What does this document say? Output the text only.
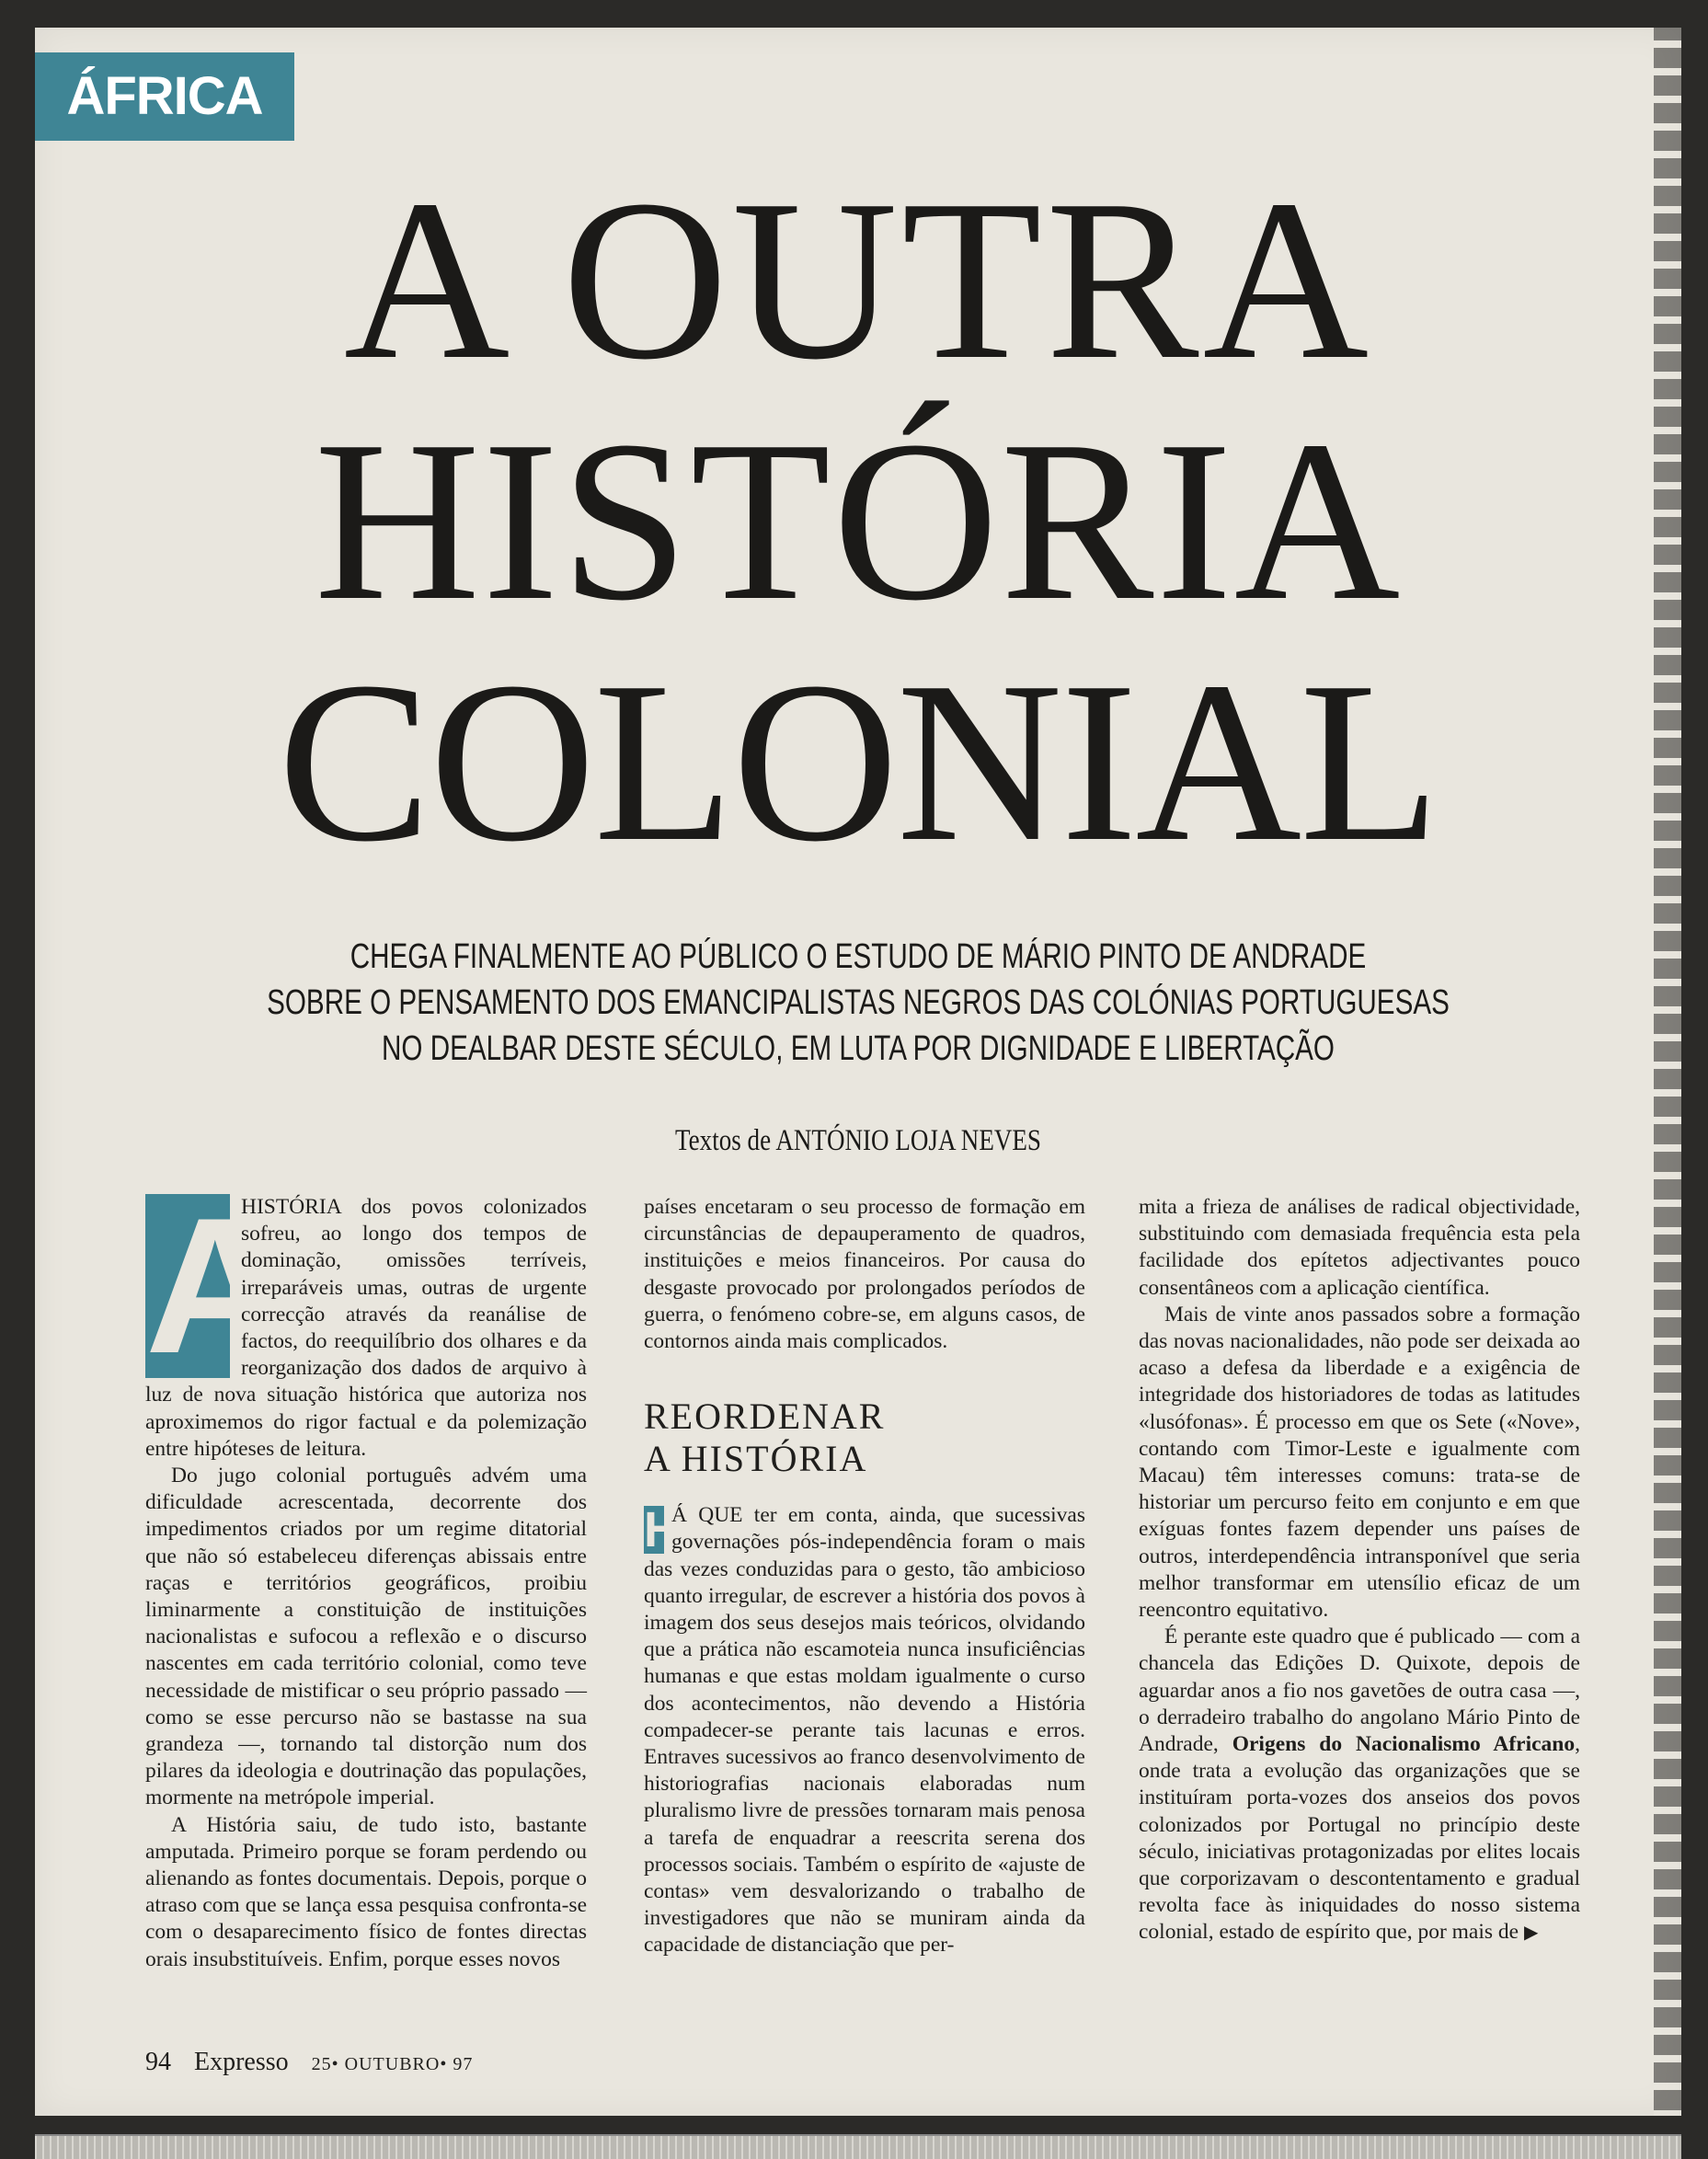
ÁFRICA
A OUTRA
HISTÓRIA
COLONIAL
CHEGA FINALMENTE AO PÚBLICO O ESTUDO DE MÁRIO PINTO DE ANDRADE
SOBRE O PENSAMENTO DOS EMANCIPALISTAS NEGROS DAS COLÓNIAS PORTUGUESAS
NO DEALBAR DESTE SÉCULO, EM LUTA POR DIGNIDADE E LIBERTAÇÃO
Textos de ANTÓNIO LOJA NEVES
A

HISTÓRIA dos povos colonizados sofreu, ao longo dos tempos de dominação, omissões terríveis, irreparáveis umas, outras de urgente correcção através da reanálise de factos, do reequilíbrio dos olhares e da reorganização dos dados de arquivo à luz de nova situação histórica que autoriza nos aproximemos do rigor factual e da polemização entre hipóteses de leitura.

Do jugo colonial português advém uma dificuldade acrescentada, decorrente dos impedimentos criados por um regime ditatorial que não só estabeleceu diferenças abissais entre raças e territórios geográficos, proibiu liminarmente a constituição de instituições nacionalistas e sufocou a reflexão e o discurso nascentes em cada território colonial, como teve necessidade de mistificar o seu próprio passado — como se esse percurso não se bastasse na sua grandeza —, tornando tal distorção num dos pilares da ideologia e doutrinação das populações, mormente na metrópole imperial.

A História saiu, de tudo isto, bastante amputada. Primeiro porque se foram perdendo ou alienando as fontes documentais. Depois, porque o atraso com que se lança essa pesquisa confronta-se com o desaparecimento físico de fontes directas orais insubstituíveis. Enfim, porque esses novos

países encetaram o seu processo de formação em circunstâncias de depauperamento de quadros, instituições e meios financeiros. Por causa do desgaste provocado por prolongados períodos de guerra, o fenómeno cobre-se, em alguns casos, de contornos ainda mais complicados.

REORDENAR
A HISTÓRIA
H

Á QUE ter em conta, ainda, que sucessivas governações pós-independência foram o mais das vezes conduzidas para o gesto, tão ambicioso quanto irregular, de escrever a história dos povos à imagem dos seus desejos mais teóricos, olvidando que a prática não escamoteia nunca insuficiências humanas e que estas moldam igualmente o curso dos acontecimentos, não devendo a História compadecer-se perante tais lacunas e erros. Entraves sucessivos ao franco desenvolvimento de historiografias nacionais elaboradas num pluralismo livre de pressões tornaram mais penosa a tarefa de enquadrar a reescrita serena dos processos sociais. Também o espírito de «ajuste de contas» vem desvalorizando o trabalho de investigadores que não se muniram ainda da capacidade de distanciação que per-

mita a frieza de análises de radical objectividade, substituindo com demasiada frequência esta pela facilidade dos epítetos adjectivantes pouco consentâneos com a aplicação científica.

Mais de vinte anos passados sobre a formação das novas nacionalidades, não pode ser deixada ao acaso a defesa da liberdade e a exigência de integridade dos historiadores de todas as latitudes «lusófonas». É processo em que os Sete («Nove», contando com Timor-Leste e igualmente com Macau) têm interesses comuns: trata-se de historiar um percurso feito em conjunto e em que exíguas fontes fazem depender uns países de outros, interdependência intransponível que seria melhor transformar em utensílio eficaz de um reencontro equitativo.

É perante este quadro que é publicado — com a chancela das Edições D. Quixote, depois de aguardar anos a fio nos gavetões de outra casa —, o derradeiro trabalho do angolano Mário Pinto de Andrade, Origens do Nacionalismo Africano, onde trata a evolução das organizações que se instituíram porta-vozes dos anseios dos povos colonizados por Portugal no princípio deste século, iniciativas protagonizadas por elites locais que corporizavam o descontentamento e gradual revolta face às iniquidades do nosso sistema colonial, estado de espírito que, por mais de ▶

94 Expresso 25• OUTUBRO• 97
